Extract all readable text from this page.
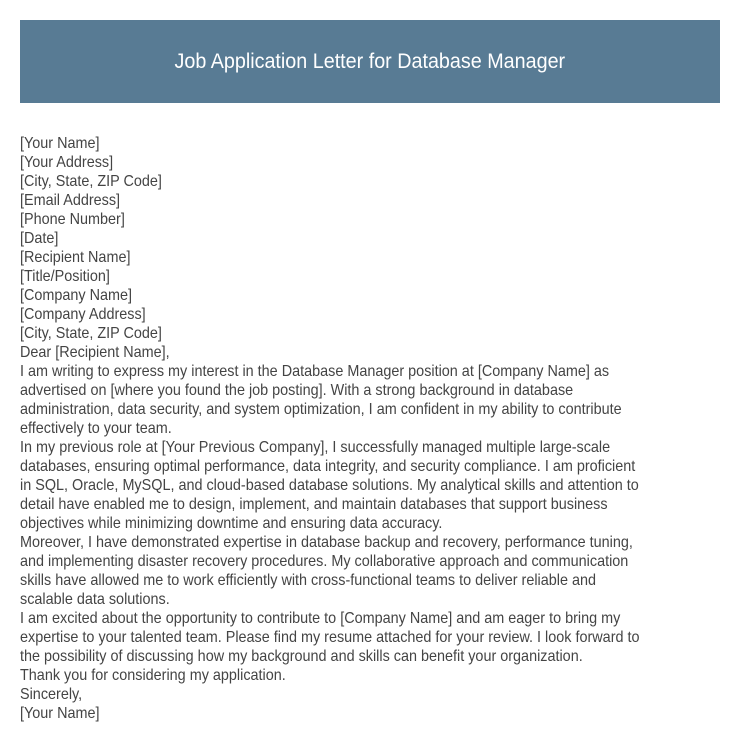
Job Application Letter for Database Manager
[Your Name]
[Your Address]
[City, State, ZIP Code]
[Email Address]
[Phone Number]
[Date]
[Recipient Name]
[Title/Position]
[Company Name]
[Company Address]
[City, State, ZIP Code]
Dear [Recipient Name],
I am writing to express my interest in the Database Manager position at [Company Name] as
advertised on [where you found the job posting]. With a strong background in database
administration, data security, and system optimization, I am confident in my ability to contribute
effectively to your team.
In my previous role at [Your Previous Company], I successfully managed multiple large-scale
databases, ensuring optimal performance, data integrity, and security compliance. I am proficient
in SQL, Oracle, MySQL, and cloud-based database solutions. My analytical skills and attention to
detail have enabled me to design, implement, and maintain databases that support business
objectives while minimizing downtime and ensuring data accuracy.
Moreover, I have demonstrated expertise in database backup and recovery, performance tuning,
and implementing disaster recovery procedures. My collaborative approach and communication
skills have allowed me to work efficiently with cross-functional teams to deliver reliable and
scalable data solutions.
I am excited about the opportunity to contribute to [Company Name] and am eager to bring my
expertise to your talented team. Please find my resume attached for your review. I look forward to
the possibility of discussing how my background and skills can benefit your organization.
Thank you for considering my application.
Sincerely,
[Your Name]
